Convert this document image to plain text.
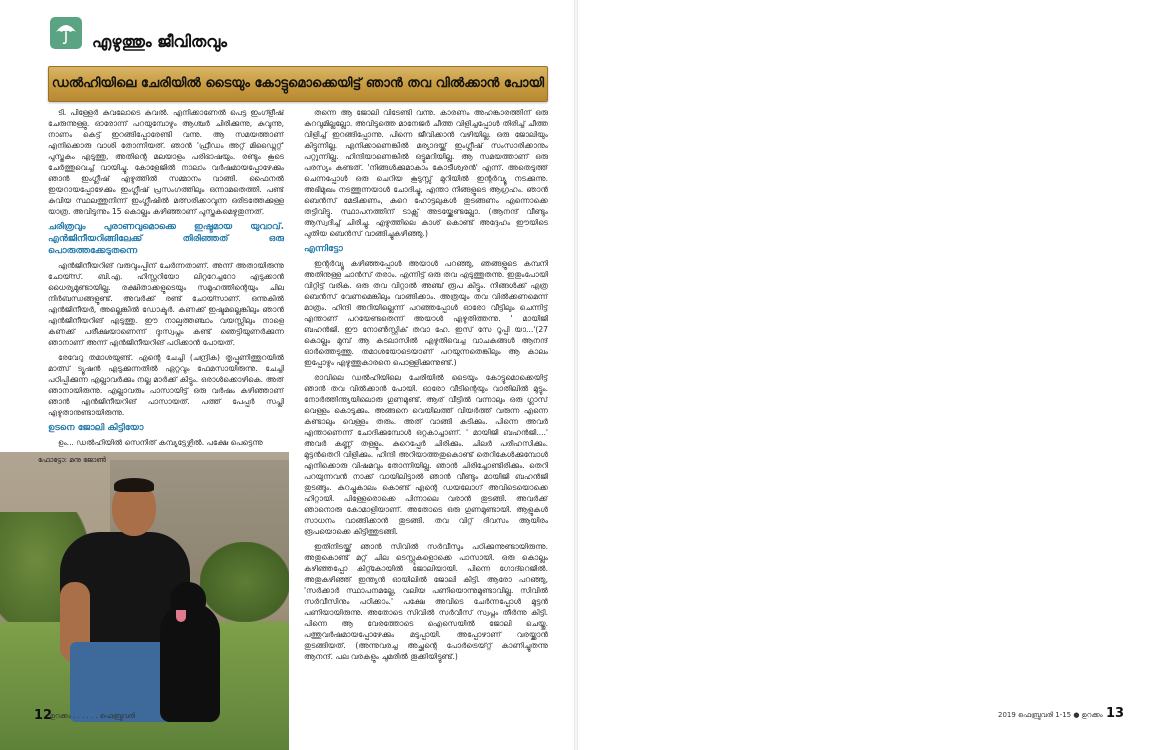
എഴുത്തും ജീവിതവും
ഡൽഹിയിലെ ചേരിയിൽ ടൈയും കോട്ടുമൊക്കെയിട്ട് ഞാൻ തവ വിൽക്കാൻ പോയി

ടി. പിള്ളേർ കുവലോടെ കുവൽ. എനിക്കാണേൽ പെട്ട ഇംഗ്ളീഷ് ചേരുന്നുള്ളു. ഓരോന്ന് പറയുമ്പോഴും ആശ്ചർ ചിരിക്കുന്നു, കുവുന്നു, നാണം കെട്ട് ഇറങ്ങിപ്പോരേണ്ടി വന്നു. ആ സമയത്താണ് എനിക്കൊരു വാശി തോന്നിയത്. ഞാൻ 'ഫ്രീഡം അറ്റ് മിഡ്നൈറ്റ്' പുസ്തകം എടുത്തു, അതിന്റെ മലയാളം പരിഭാഷയും. രണ്ടും കൂടെ ചേർത്തുവെച്ച് വായിച്ചു. കോളേജിൽ നാലാം വർഷമായപ്പോഴേക്കും ഞാൻ ഇംഗ്ലീഷ് എഴുത്തിൽ സമ്മാനം വാങ്ങി. ഫൈനൽ ഇയറായപ്പോഴേക്കും ഇംഗ്ലീഷ് പ്രസംഗത്തിലും ഒന്നാമതെത്തി. പണ്ട് കുവിയ സ്ഥലത്തുനിന്ന് ഇംഗ്ലീഷിൽ മത്സരിക്കാവുന്ന ഒരിടത്തേക്കുള്ള യാത്ര. അവിടുന്നും 15 കൊല്ലം കഴിഞ്ഞാണ് പുസ്തകമെഴുതുന്നത്.

ചരിത്രവും പുരാണവുമൊക്കെ ഇഷ്ടമായ യുവാവ്. എൻജിനീയറിങ്ങിലേക്ക് തിരിഞ്ഞത് ഒരു പൊരുത്തക്കേടുതന്നെ

എൻജിനീയറിങ് വരുവുംപ്പിന് ചേർന്നതാണ്. അന്ന് അതായിരുന്നു ചോയ്സ്. ബി.എ. ഹിസ്റ്ററിയോ ലിറ്ററേച്ചറോ എടുക്കാൻ ധൈര്യമുണ്ടായില്ല. രക്ഷിതാക്കളുടെയും സമൂഹത്തിന്റെയും ചില നിർബന്ധങ്ങളുണ്ട്. അവർക്ക് രണ്ട് ചോയ്സാണ്. ഒന്നുകിൽ എൻജിനീയർ, അല്ലെങ്കിൽ ഡോക്ടർ. കണക്ക് ഇഷ്ടമല്ലെങ്കിലും ഞാൻ എൻജിനീയറിങ് എടുത്തു. ഈ നാല്പത്തഞ്ചാം വയസ്സിലും നാളെ കണക്ക് പരീക്ഷയാണെന്ന് ദുഃസ്വപ്നം കണ്ട് ഞെട്ടിയുണർക്കുന്ന ഞാനാണ് അന്ന് എൻജിനീയറിങ് പഠിക്കാൻ പോയത്.

രേവേറു തമാശയുണ്ട്. എന്റെ ചേച്ചി (ചന്ദ്രിക) തൃപ്പൂണിത്തുറയിൽ മാത്സ് ട്യൂഷൻ എടുക്കുന്നതിൽ ഏറ്റവും ഫേമസായിരുന്നു. ചേച്ചി പഠിപ്പിക്കുന്ന എല്ലാവർക്കും നല്ല മാർക്ക് കിട്ടും. ഒരാൾക്കൊഴികെ. അത് ഞാനായിരുന്നു. എല്ലാവരും പാസായിട്ട് ഒരു വർഷം കഴിഞ്ഞാണ് ഞാൻ എൻജിനീയറിങ് പാസായത്. പത്ത് പേപ്പർ സപ്ലി എഴുതാനുണ്ടായിരുന്നു.

ഉടനെ ജോലി കിട്ടിയോ

ഉം... ഡൽഹിയിൽ സെനിത് കമ്പ്യൂട്ടേഴ്സിൽ. പക്ഷേ പെട്ടെന്നു

തന്നെ ആ ജോലി വിടേണ്ടി വന്നു. കാരണം അഹങ്കാരത്തിന് ഒരു കുറവുമില്ലല്ലോ. അവിടുത്തെ മാനേജർ ചീത്ത വിളിച്ചപ്പോൾ തിരിച്ച് ചീത്ത വിളിച്ച് ഇറങ്ങിപ്പോന്നു. പിന്നെ ജീവിക്കാൻ വഴിയില്ല. ഒരു ജോലിയും കിട്ടുന്നില്ല. എനിക്കാണെങ്കിൽ മര്യാദയ്ക്ക് ഇംഗ്ലീഷ് സംസാരിക്കാനും പറ്റുന്നില്ല. ഹിന്ദിയാണെങ്കിൽ ഒട്ടുമറിയില്ല. ആ സമയത്താണ് ഒരു പരസ്യം കണ്ടത്. 'നിങ്ങൾക്കുമാകാം കോടീശ്വരൻ' എന്ന്. അതെടുത്ത് ചെന്നപ്പോൾ ഒരു ചെറിയ കൂടുസ്സ് മുറിയിൽ ഇന്റർവ്യൂ നടക്കുന്നു. അഭിമുഖം നടത്തുന്നയാൾ ചോദിച്ചു, എന്താ നിങ്ങളുടെ ആഗ്രഹം. ഞാൻ ബെൻസ് മേടിക്കണം, കുറെ ഹോട്ടലുകൾ തുടങ്ങണം എന്നൊക്കെ തട്ടിവിട്ടു. സ്ഥാപനത്തിന് ടാക്സ് അടയ്ക്കേണ്ടല്ലോ. (ആനന്ദ് വീണ്ടും ആസ്വദിച്ച് ചിരിച്ചു. എഴുത്തിലെ കാശ് കൊണ്ട് അദ്ദേഹം ഈയിടെ പുതിയ ബെൻസ് വാങ്ങിച്ചുകഴിഞ്ഞു.)

എന്നിട്ടോ

ഇന്റർവ്യൂ കഴിഞ്ഞപ്പോൾ അയാൾ പറഞ്ഞു, ഞങ്ങളുടെ കമ്പനി അതിനുള്ള ചാൻസ് തരാം. എന്നിട്ട് ഒരു തവ എടുത്തുതന്നു. ഇതുംപോയി വിറ്റിട്ട് വരിക. ഒരു തവ വിറ്റാൽ അഞ്ച് രൂപ കിട്ടും. നിങ്ങൾക്ക് എത്ര ബെൻസ് വേണമെങ്കിലും വാങ്ങിക്കാം. അത്രയും തവ വിൽക്കണമെന്ന് മാത്രം. ഹിന്ദി അറിയില്ലെന്ന് പറഞ്ഞപ്പോൾ ഓരോ വീട്ടിലും ചെന്നിട്ട് എന്താണ് പറയേണ്ടതെന്ന് അയാൾ എഴുതിത്തന്നു. ' മായിജി ബഹൻജി. ഈ നോൺസ്റ്റിക് തവാ ഹേ. ഇസ് സേ റൂപ്പി യാ...'(27 കൊല്ലം മുമ്പ് ആ കടലാസിൽ എഴുതിവെച്ച വാചകങ്ങൾ ആനന്ദ് ഓർത്തെടുത്തു. തമാശയോടെയാണ് പറയുന്നതെങ്കിലും ആ കാലം ഇപ്പോഴും എഴുത്തുകാരനെ പൊള്ളിക്കുന്നുണ്ട്.)

രാവിലെ ഡൽഹിയിലെ ചേരിയിൽ ടൈയും കോട്ടുമൊക്കെയിട്ട് ഞാൻ തവ വിൽക്കാൻ പോയി. ഓരോ വീടിന്റെയും വാതിലിൽ മുട്ടും. നോർത്തിന്ത്യയിലൊരു ഗുണമുണ്ട്. ആര് വീട്ടിൽ വന്നാലും ഒരു ഗ്ലാസ് വെള്ളം കൊടുക്കും. അങ്ങനെ വെയിലത്ത് വിയർത്ത് വരുന്ന എന്നെ കണ്ടാലും വെള്ളം തരും. അത് വാങ്ങി കുടിക്കും. പിന്നെ അവർ എന്താണെന്ന് ചോദിക്കുമ്പോൾ ഒറ്റകാച്ചാണ്. ' മായിജി ബഹൻജി....' അവർ കണ്ണ് തള്ളും. കുറെപ്പേർ ചിരിക്കും. ചിലർ പരിഹസിക്കും. മുട്ടൻതെറി വിളിക്കും. ഹിന്ദി അറിയാത്തതുകൊണ്ട് തെറികേൾക്കുമ്പോൾ എനിക്കൊരു വിഷമവും തോന്നിയില്ല. ഞാൻ ചിരിച്ചോണ്ടിരിക്കും. തെറി പറയുന്നവൻ നാക്ക് വായിലിട്ടാൽ ഞാൻ വീണ്ടും മായിജി ബഹൻജി തുടങ്ങും. കുറച്ചുകാലം കൊണ്ട് എന്റെ ഡയലോഗ് അവിടെയൊക്കെ ഹിറ്റായി. പിള്ളേരൊക്കെ പിന്നാലെ വരാൻ തുടങ്ങി. അവർക്ക് ഞാനൊരു കോമാളിയാണ്. അതോടെ ഒരു ഗുണമുണ്ടായി. ആളുകൾ സാധനം വാങ്ങിക്കാൻ തുടങ്ങി. തവ വിറ്റ് ദിവസം ആയിരം രൂപയൊക്കെ കിട്ടിത്തുടങ്ങി.

ഇതിനിടയ്ക്ക് ഞാൻ സിവിൽ സർവീസും പഠിക്കുന്നുണ്ടായിരുന്നു. അതുകൊണ്ട് മറ്റ് ചില ടെസ്റ്റുകളൊക്കെ പാസായി. ഒരു കൊല്ലം കഴിഞ്ഞപ്പോ കിറ്റ്കോയിൽ ജോലിയായി. പിന്നെ ഗോദ്റെജിൽ. അതുകഴിഞ്ഞ് ഇന്ത്യൻ ഓയിലിൽ ജോലി കിട്ടി. ആരോ പറഞ്ഞു, 'സർക്കാർ സ്ഥാപനമല്ലേ, വലിയ പണിയൊന്നുമുണ്ടാവില്ല. സിവിൽ സർവീസിനും പഠിക്കാം.' പക്ഷേ അവിടെ ചേർന്നപ്പോൾ മുട്ടൻ പണിയായിരുന്നു. അതോടെ സിവിൽ സർവീസ് സ്വപ്നം തീർന്നു കിട്ടി. പിന്നെ ആ വേരത്തോടെ ഐസെയിൽ ജോലി ചെയ്തു. പത്തുവർഷമായപ്പോഴേക്കും മടുപ്പായി. അപ്പോഴാണ് വരയ്ക്കാൻ തുടങ്ങിയത്. (അന്നുവരച്ച അച്ഛന്റെ പോർട്രെയ്റ്റ് കാണിച്ചുതന്നു ആനന്ദ്. പല വരകളും ചുമരിൽ തൂക്കിയിട്ടുണ്ട്.)

ഫോട്ടോ: മനു ജോൺ
12
ഉറക്കം . . . . . . ഫെബ്രുവരി	2019 ഫെബ്രുവരി 1-15 ● ഉറക്കം 13
